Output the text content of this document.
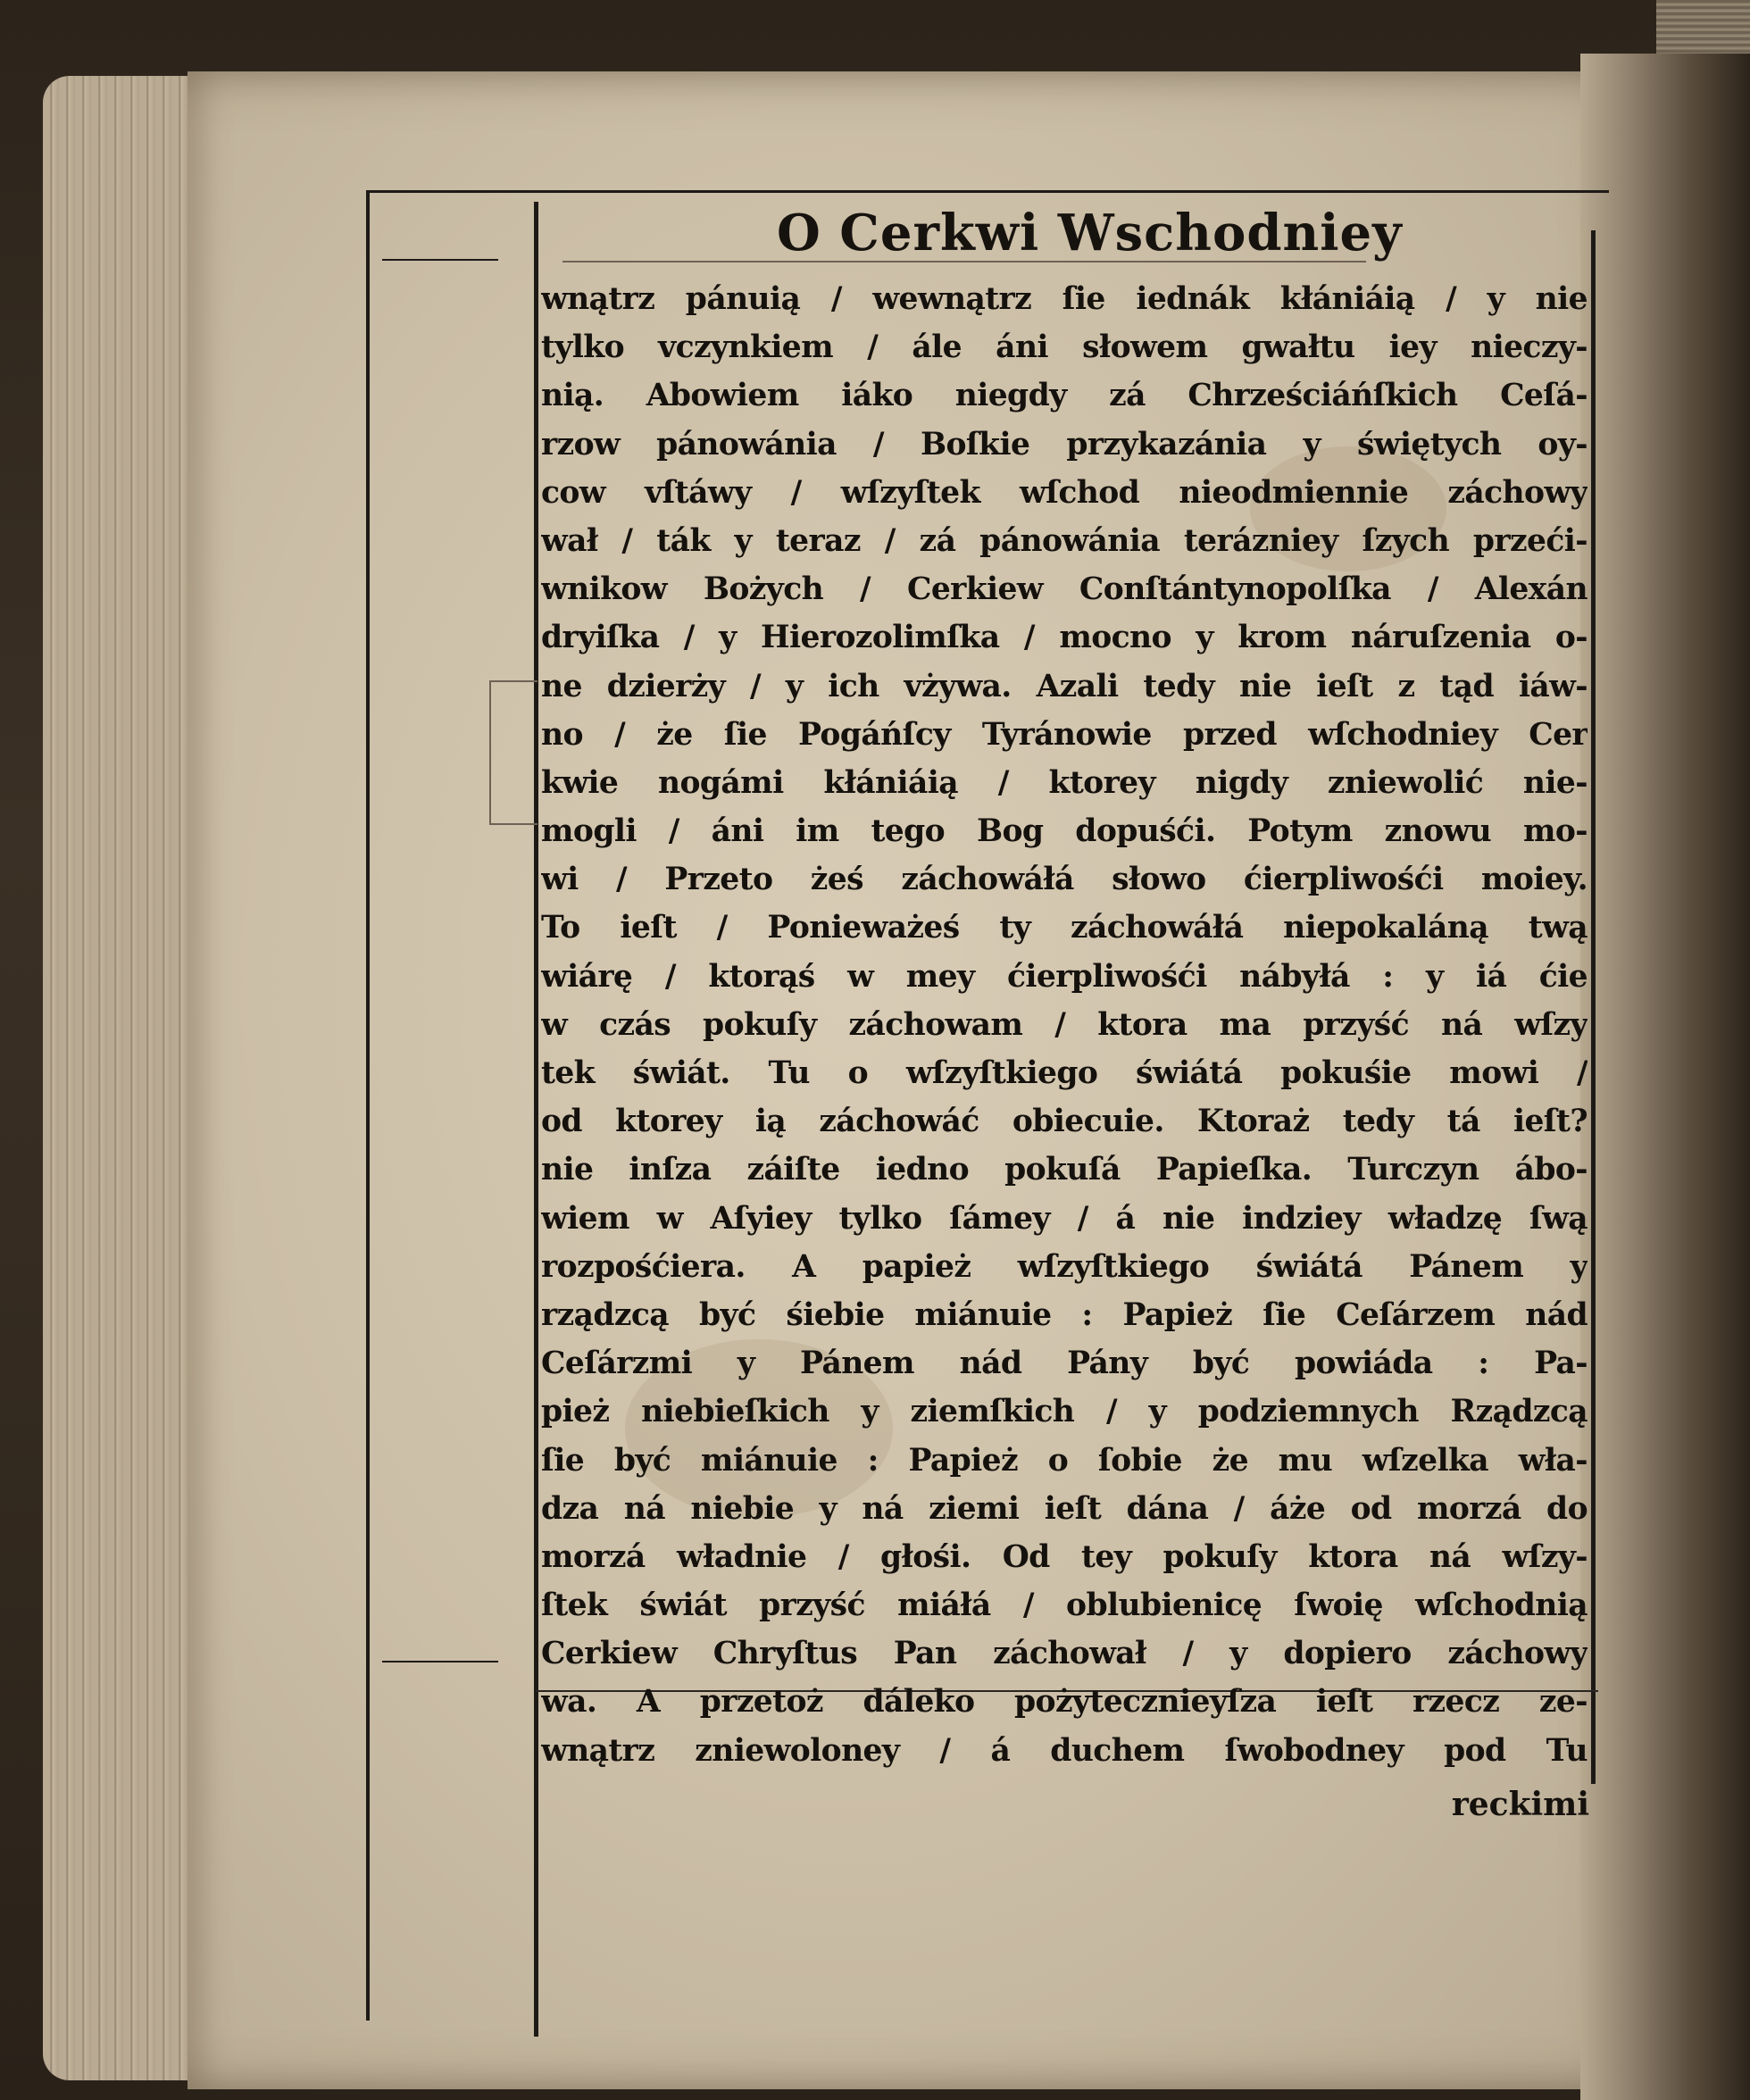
O Cerkwi Wschodniey
wnątrz pánuią / wewnątrz ſie iednák kłániáią / y nie
tylko vczynkiem / ále áni słowem gwałtu iey nieczy-
nią. Abowiem iáko niegdy zá Chrześciáńſkich Ceſá-
rzow pánowánia / Boſkie przykazánia y świętych oy-
cow vſtáwy / wſzyſtek wſchod nieodmiennie záchowy
wał / ták y teraz / zá pánowánia terázniey ſzych przeći-
wnikow Bożych / Cerkiew Conſtántynopolſka / Alexán
dryiſka / y Hierozolimſka / mocno y krom náruſzenia o-
ne dzierży / y ich vżywa. Azali tedy nie ieſt z tąd iáw-
no / że ſie Pogáńſcy Tyránowie przed wſchodniey Cer
kwie nogámi kłániáią / ktorey nigdy zniewolić nie-
mogli / áni im tego Bog dopuśći. Potym znowu mo-
wi / Przeto żeś záchowáłá słowo ćierpliwośći moiey.
To ieſt / Ponieważeś ty záchowáłá niepokaláną twą
wiárę / ktorąś w mey ćierpliwośći nábyłá : y iá ćie
w czás pokuſy záchowam / ktora ma przyść ná wſzy
tek świát. Tu o wſzyſtkiego świátá pokuśie mowi /
od ktorey ią záchowáć obiecuie. Ktoraż tedy tá ieſt?
nie inſza záiſte iedno pokuſá Papieſka. Turczyn ábo-
wiem w Aſyiey tylko ſámey / á nie indziey władzę ſwą
rozpośćiera. A papież wſzyſtkiego świátá Pánem y
rządzcą być śiebie miánuie : Papież ſie Ceſárzem nád
Ceſárzmi y Pánem nád Pány być powiáda : Pa-
pież niebieſkich y ziemſkich / y podziemnych Rządzcą
ſie być miánuie : Papież o ſobie że mu wſzelka wła-
dza ná niebie y ná ziemi ieſt dána / áże od morzá do
morzá władnie / głośi. Od tey pokuſy ktora ná wſzy-
ſtek świát przyść miáłá / oblubienicę ſwoię wſchodnią
Cerkiew Chryſtus Pan záchował / y dopiero záchowy
wa. A przetoż dáleko pożytecznieyſza ieſt rzecz ze-
wnątrz zniewoloney / á duchem ſwobodney pod Tu
reckimi
